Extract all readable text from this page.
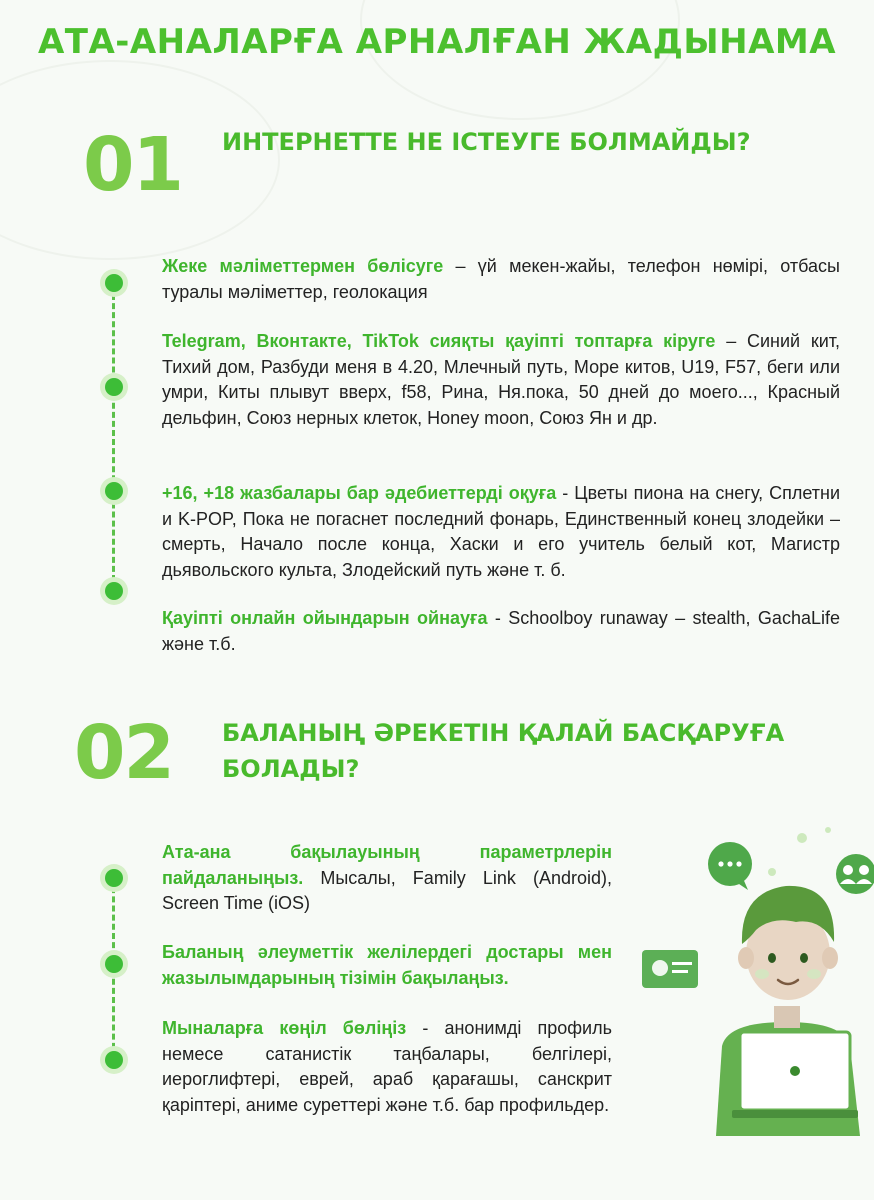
АТА-АНАЛАРҒА АРНАЛҒАН ЖАДЫНАМА
01 ИНТЕРНЕТТЕ НЕ ІСТЕУГЕ БОЛМАЙДЫ?

Жеке мәліметтермен бөлісуге – үй мекен-жайы, телефон нөмірі, отбасы туралы мәліметтер, геолокация

Telegram, Вконтакте, TikTok сияқты қауіпті топтарға кіруге – Синий кит, Тихий дом, Разбуди меня в 4.20, Млечный путь, Море китов, U19, F57, беги или умри, Киты плывут вверх, f58, Рина, Ня.пока, 50 дней до моего..., Красный дельфин, Союз нерных клеток, Honey moon, Союз Ян и др.

+16, +18 жазбалары бар әдебиеттерді оқуға - Цветы пиона на снегу, Сплетни и K-POP, Пока не погаснет последний фонарь, Единственный конец злодейки – смерть, Начало после конца, Хаски и его учитель белый кот, Магистр дьявольского культа, Злодейский путь және т. б.

Қауіпті онлайн ойындарын ойнауға - Schoolboy runaway – stealth, GachaLife және т.б.

02 БАЛАНЫҢ ӘРЕКЕТІН ҚАЛАЙ БАСҚАРУҒА
БОЛАДЫ?

Ата-ана бақылауының параметрлерін пайдаланыңыз. Мысалы, Family Link (Android), Screen Time (iOS)

Баланың әлеуметтік желілердегі достары мен жазылымдарының тізімін бақылаңыз.

Мыналарға көңіл бөліңіз - анонимді профиль немесе сатанистік таңбалары, белгілері, иероглифтері, еврей, араб қарағашы, санскрит қаріптері, аниме суреттері және т.б. бар профильдер.
